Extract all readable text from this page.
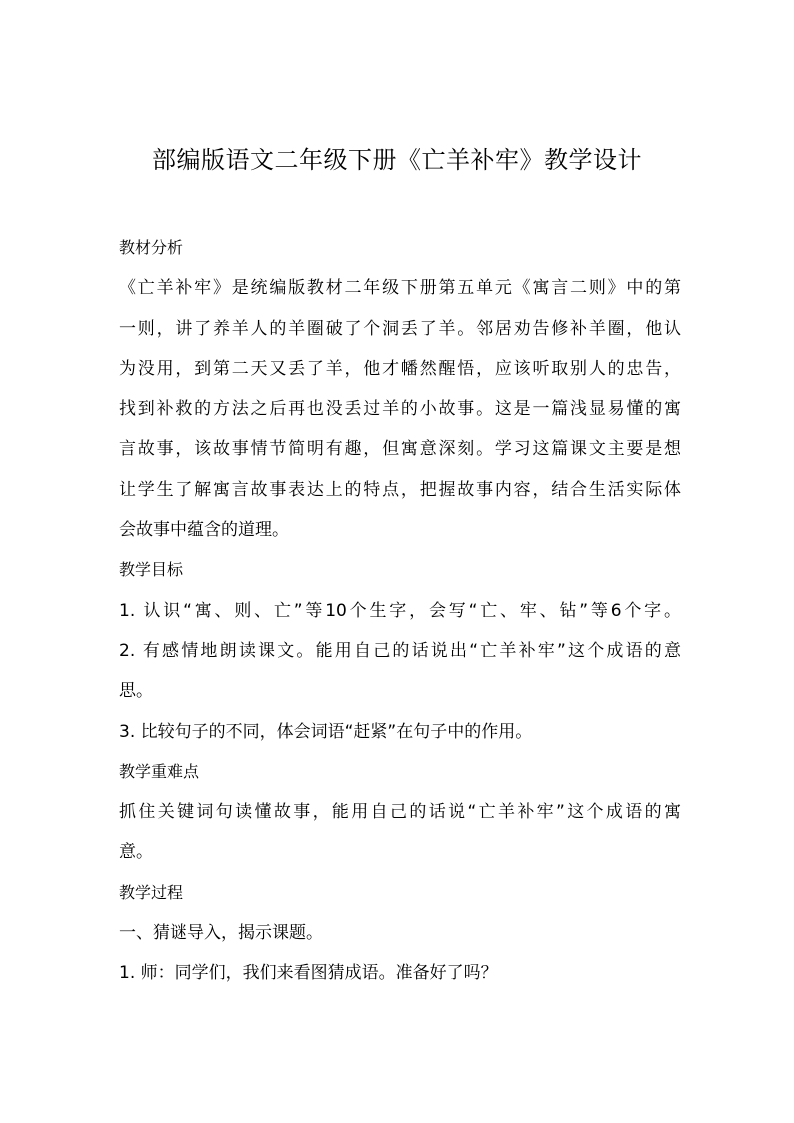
部编版语文二年级下册《亡羊补牢》教学设计
教材分析
《亡羊补牢》是统编版教材二年级下册第五单元《寓言二则》中的第
一则，讲了养羊人的羊圈破了个洞丢了羊。邻居劝告修补羊圈，他认
为没用，到第二天又丢了羊，他才幡然醒悟，应该听取别人的忠告，
找到补救的方法之后再也没丢过羊的小故事。这是一篇浅显易懂的寓
言故事，该故事情节简明有趣，但寓意深刻。学习这篇课文主要是想
让学生了解寓言故事表达上的特点，把握故事内容，结合生活实际体
会故事中蕴含的道理。
教学目标
1. 认识“寓、则、亡”等10个生字，会写“亡、牢、钻”等6个字。
2. 有感情地朗读课文。能用自己的话说出“亡羊补牢”这个成语的意
思。
3. 比较句子的不同，体会词语“赶紧”在句子中的作用。
教学重难点
抓住关键词句读懂故事，能用自己的话说“亡羊补牢”这个成语的寓
意。
教学过程
一、猜谜导入，揭示课题。
1. 师：同学们，我们来看图猜成语。准备好了吗？
